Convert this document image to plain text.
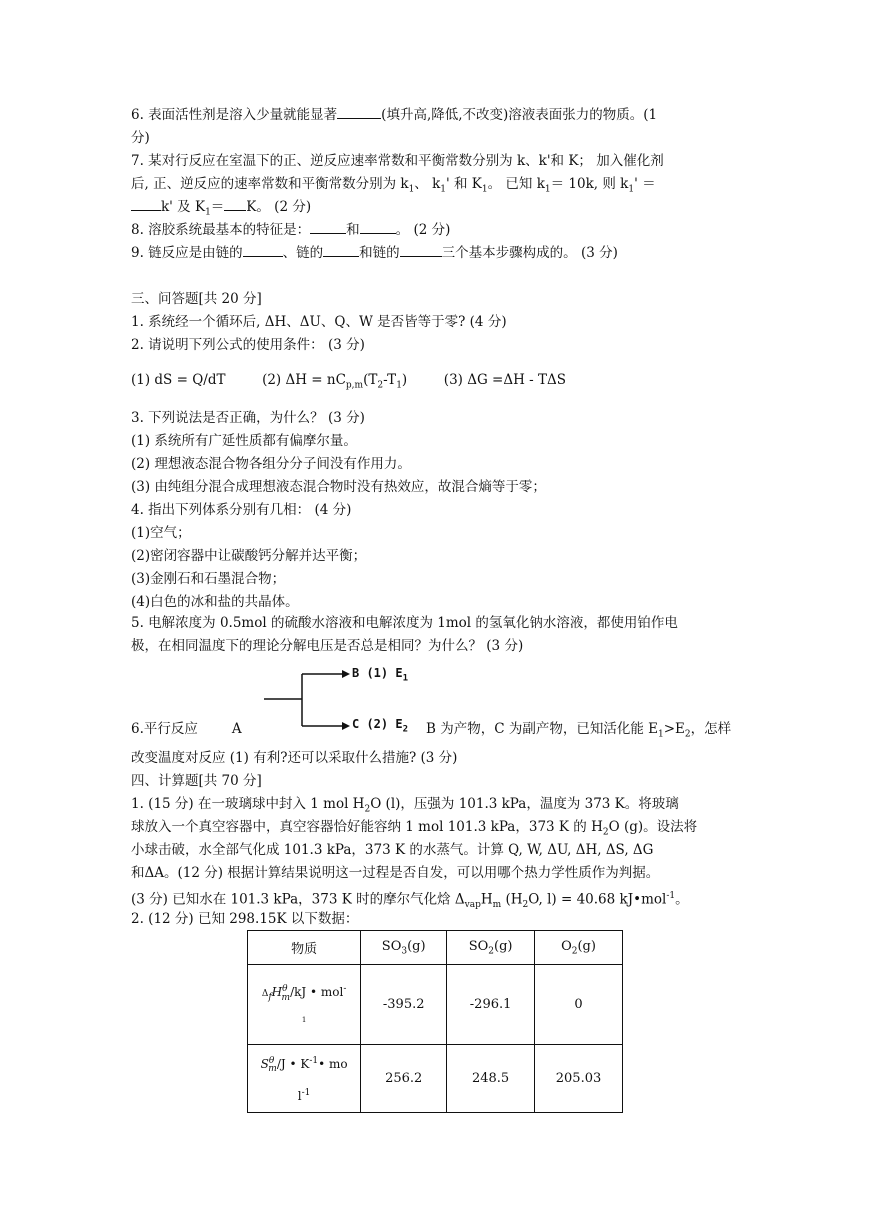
6. 表面活性剂是溶入少量就能显著	(填升高,降低,不改变)溶液表面张力的物质。(1
分)
7. 某对行反应在室温下的正、逆反应速率常数和平衡常数分别为 k、k'和 K； 加入催化剂
后, 正、逆反应的速率常数和平衡常数分别为 $k_1$、 $k_1'$ 和 $K_1$。 已知 $k_1= 10k$, 则 $k_1'$ ＝
k' 及 $K_1= K$。 (2 分)
8. 溶胶系统最基本的特征是：	和	。 (2 分)
9. 链反应是由链的	、链的	和链的	三个基本步骤构成的。 (3 分)
三、问答题[共 20 分]
1. 系统经一个循环后, ΔH、ΔU、Q、W 是否皆等于零? (4 分)
2. 请说明下列公式的使用条件： (3 分)
(1) dS = Q/dT	(2) $\Delta H = nC_{p,m}(T_2-T_1)$	(3) ΔG =ΔH - TΔS
3. 下列说法是否正确，为什么？ (3 分)
(1) 系统所有广延性质都有偏摩尔量。
(2) 理想液态混合物各组分分子间没有作用力。
(3) 由纯组分混合成理想液态混合物时没有热效应，故混合熵等于零；
4. 指出下列体系分别有几相： (4 分)
(1)空气；
(2)密闭容器中让碳酸钙分解并达平衡；
(3)金刚石和石墨混合物；
(4)白色的冰和盐的共晶体。
5. 电解浓度为 0.5mol 的硫酸水溶液和电解浓度为 1mol 的氢氧化钠水溶液，都使用铂作电
极，在相同温度下的理论分解电压是否总是相同？为什么？ (3 分)
B (1) $E_1$
C (2) $E_2$
6.平行反应	A	B 为产物，C 为副产物，已知活化能 $E_1>E_2$，怎样
改变温度对反应 (1) 有利?还可以采取什么措施? (3 分)
四、计算题[共 70 分]
1. (15 分) 在一玻璃球中封入 1 mol $H_2O$ (l)，压强为 101.3 kPa，温度为 373 K。将玻璃
球放入一个真空容器中，真空容器恰好能容纳 1 mol 101.3 kPa，373 K 的 $H_2O$ (g)。设法将
小球击破，水全部气化成 101.3 kPa，373 K 的水蒸气。计算 Q, W, ΔU, ΔH, ΔS, ΔG
和ΔA。(12 分) 根据计算结果说明这一过程是否自发，可以用哪个热力学性质作为判据。
(3 分) 已知水在 101.3 kPa，373 K 时的摩尔气化焓 $\Delta_{vap}H_m$ ($H_2O$, l) = 40.68 kJ•mol$^{-1}$。
2. (12 分) 已知 298.15K 以下数据：
物质	$SO_3(g)$	$SO_2(g)$	$O_2(g)$
$\Delta_fH^\theta_m/kJ$ • mol-
1	-395.2	-296.1	0
$S^\theta_m/J$ • $K^{-1}•$ mo
$l^{-1}$	256.2	248.5	205.03
